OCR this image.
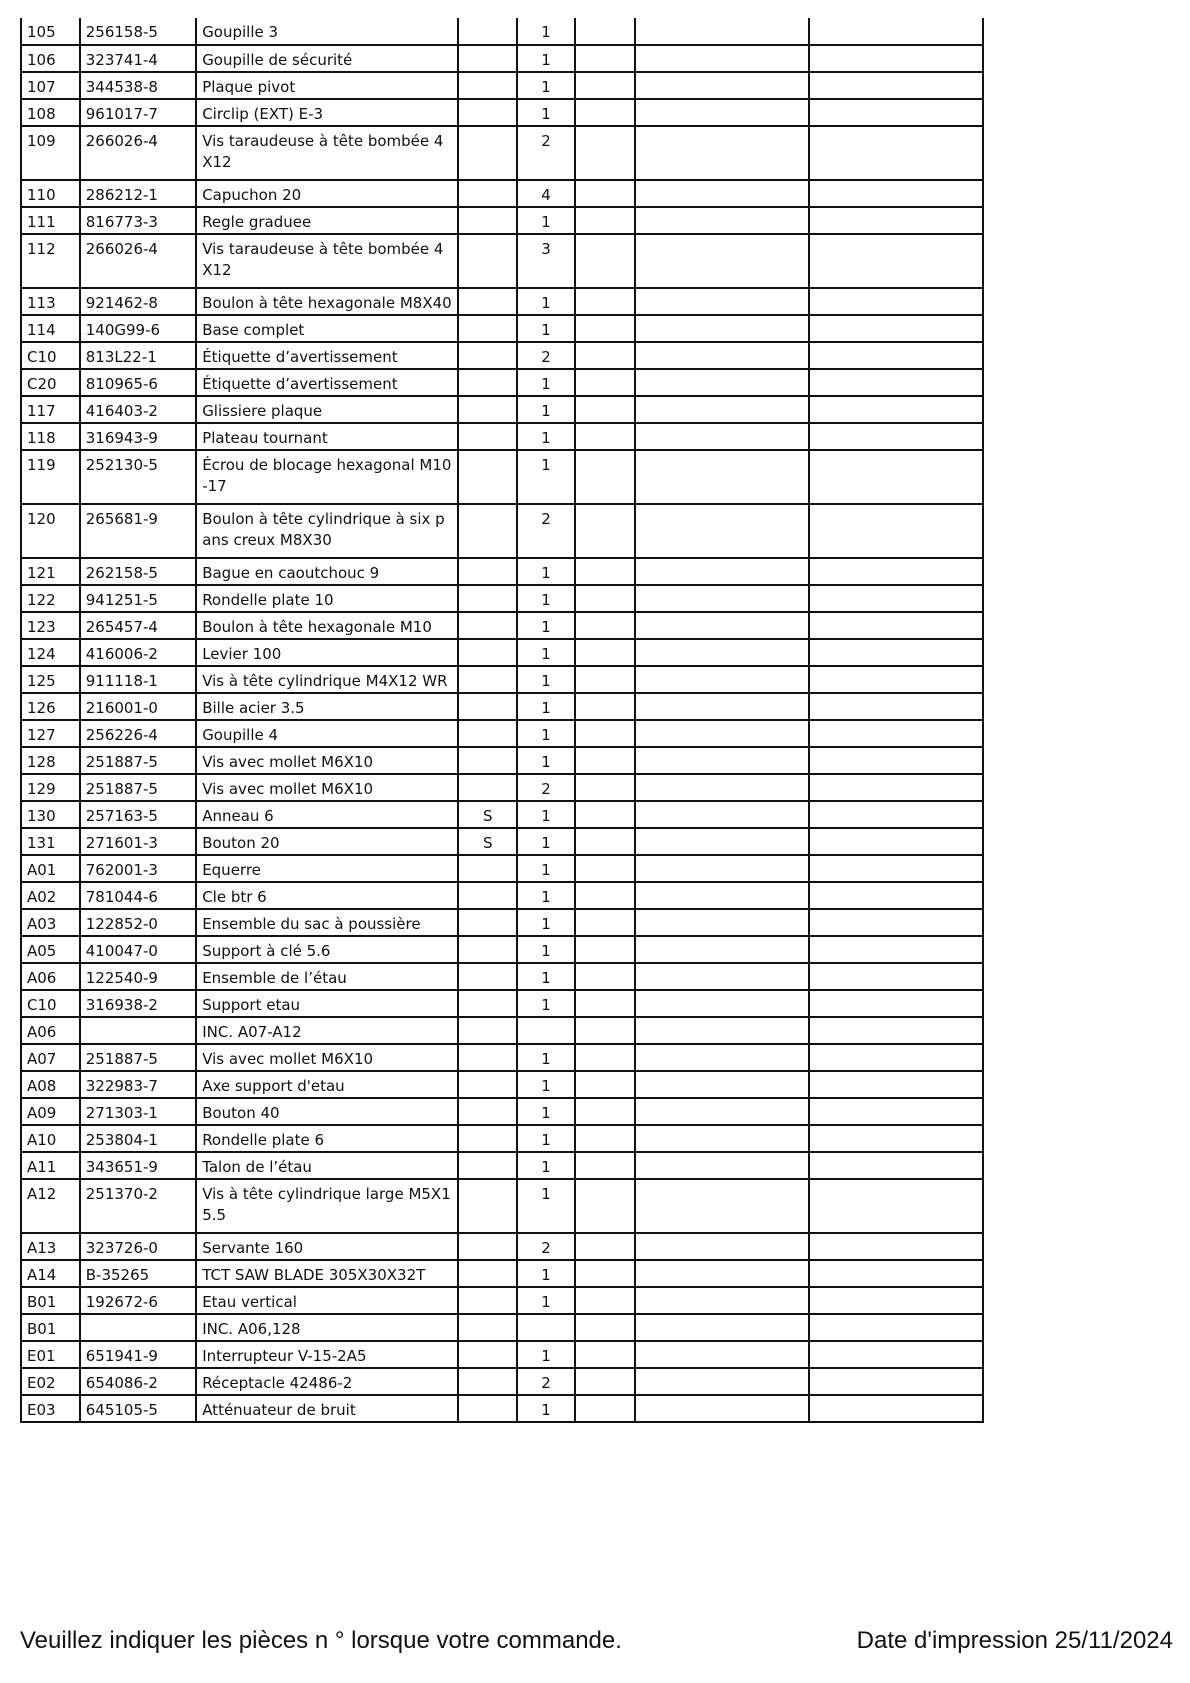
105	256158-5	Goupille 3		1			
106	323741-4	Goupille de sécurité		1			
107	344538-8	Plaque pivot		1			
108	961017-7	Circlip (EXT) E-3		1			
109	266026-4	Vis taraudeuse à tête bombée 4X12		2			
110	286212-1	Capuchon 20		4			
111	816773-3	Regle graduee		1			
112	266026-4	Vis taraudeuse à tête bombée 4X12		3			
113	921462-8	Boulon à tête hexagonale M8X40		1			
114	140G99-6	Base complet		1			
C10	813L22-1	Étiquette d’avertissement		2			
C20	810965-6	Étiquette d’avertissement		1			
117	416403-2	Glissiere plaque		1			
118	316943-9	Plateau tournant		1			
119	252130-5	Écrou de blocage hexagonal M10-17		1			
120	265681-9	Boulon à tête cylindrique à six pans creux M8X30		2			
121	262158-5	Bague en caoutchouc 9		1			
122	941251-5	Rondelle plate 10		1			
123	265457-4	Boulon à tête hexagonale M10		1			
124	416006-2	Levier 100		1			
125	911118-1	Vis à tête cylindrique M4X12 WR		1			
126	216001-0	Bille acier 3.5		1			
127	256226-4	Goupille 4		1			
128	251887-5	Vis avec mollet M6X10		1			
129	251887-5	Vis avec mollet M6X10		2			
130	257163-5	Anneau 6	S	1			
131	271601-3	Bouton 20	S	1			
A01	762001-3	Equerre		1			
A02	781044-6	Cle btr 6		1			
A03	122852-0	Ensemble du sac à poussière		1			
A05	410047-0	Support à clé 5.6		1			
A06	122540-9	Ensemble de l’étau		1			
C10	316938-2	Support etau		1			
A06		INC. A07-A12					
A07	251887-5	Vis avec mollet M6X10		1			
A08	322983-7	Axe support d'etau		1			
A09	271303-1	Bouton 40		1			
A10	253804-1	Rondelle plate 6		1			
A11	343651-9	Talon de l’étau		1			
A12	251370-2	Vis à tête cylindrique large M5X15.5		1			
A13	323726-0	Servante 160		2			
A14	B-35265	TCT SAW BLADE 305X30X32T		1			
B01	192672-6	Etau vertical		1			
B01		INC. A06,128					
E01	651941-9	Interrupteur V-15-2A5		1			
E02	654086-2	Réceptacle 42486-2		2			
E03	645105-5	Atténuateur de bruit		1			
Veuillez indiquer les pièces n ° lorsque votre commande.	Date d'impression 25/11/2024
